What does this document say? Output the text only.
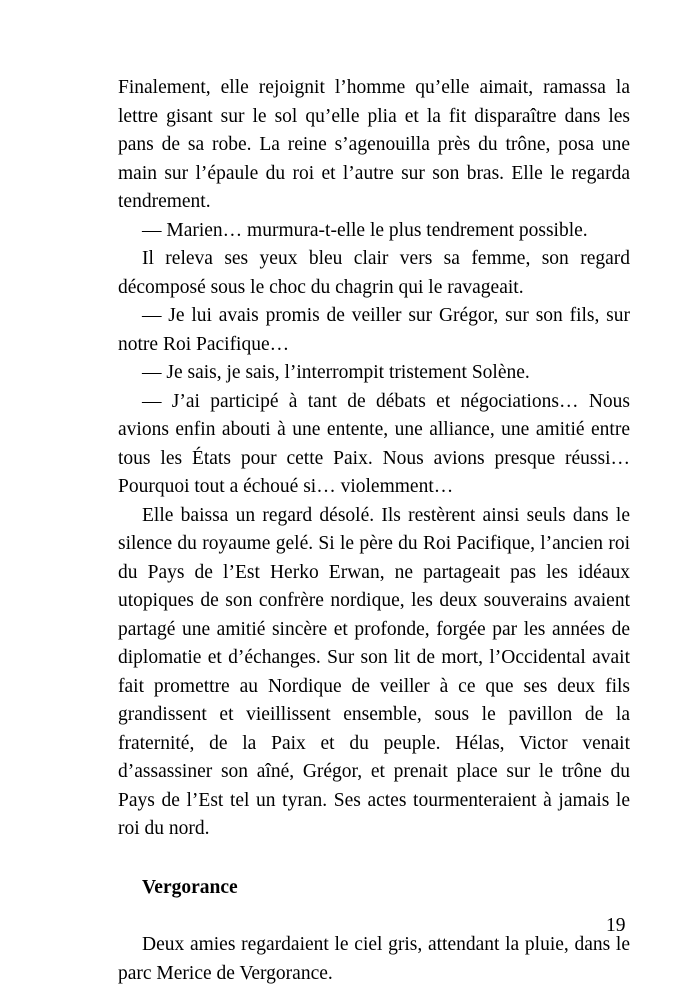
Finalement, elle rejoignit l’homme qu’elle aimait, ramassa la lettre gisant sur le sol qu’elle plia et la fit disparaître dans les pans de sa robe. La reine s’agenouilla près du trône, posa une main sur l’épaule du roi et l’autre sur son bras. Elle le regarda tendrement.

— Marien… murmura-t-elle le plus tendrement possible.

Il releva ses yeux bleu clair vers sa femme, son regard décomposé sous le choc du chagrin qui le ravageait.

— Je lui avais promis de veiller sur Grégor, sur son fils, sur notre Roi Pacifique…

— Je sais, je sais, l’interrompit tristement Solène.

— J’ai participé à tant de débats et négociations… Nous avions enfin abouti à une entente, une alliance, une amitié entre tous les États pour cette Paix. Nous avions presque réussi… Pourquoi tout a échoué si… violemment…

Elle baissa un regard désolé. Ils restèrent ainsi seuls dans le silence du royaume gelé. Si le père du Roi Pacifique, l’ancien roi du Pays de l’Est Herko Erwan, ne partageait pas les idéaux utopiques de son confrère nordique, les deux souverains avaient partagé une amitié sincère et profonde, forgée par les années de diplomatie et d’échanges. Sur son lit de mort, l’Occidental avait fait promettre au Nordique de veiller à ce que ses deux fils grandissent et vieillissent ensemble, sous le pavillon de la fraternité, de la Paix et du peuple. Hélas, Victor venait d’assassiner son aîné, Grégor, et prenait place sur le trône du Pays de l’Est tel un tyran. Ses actes tourmenteraient à jamais le roi du nord.

Vergorance

Deux amies regardaient le ciel gris, attendant la pluie, dans le parc Merice de Vergorance.

19
